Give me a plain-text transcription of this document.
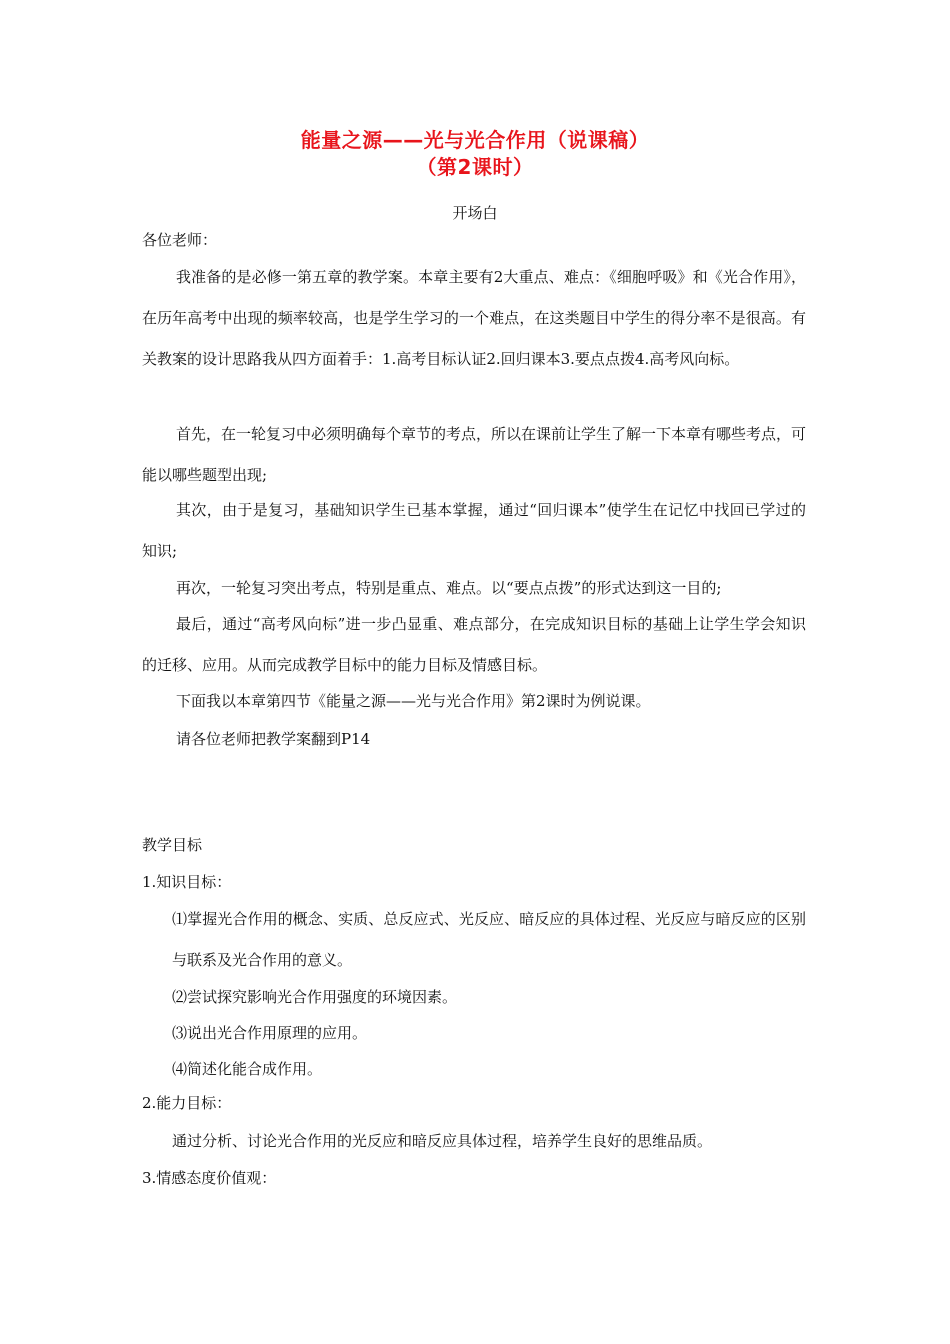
能量之源——光与光合作用（说课稿）
（第2课时）
开场白
各位老师：
我准备的是必修一第五章的教学案。本章主要有2大重点、难点：《细胞呼吸》和《光合作用》，在历年高考中出现的频率较高，也是学生学习的一个难点，在这类题目中学生的得分率不是很高。有关教案的设计思路我从四方面着手：1.高考目标认证2.回归课本3.要点点拨4.高考风向标。
首先，在一轮复习中必须明确每个章节的考点，所以在课前让学生了解一下本章有哪些考点，可能以哪些题型出现;
其次，由于是复习，基础知识学生已基本掌握，通过“回归课本”使学生在记忆中找回已学过的知识;
再次，一轮复习突出考点，特别是重点、难点。以“要点点拨”的形式达到这一目的;
最后，通过“高考风向标”进一步凸显重、难点部分，在完成知识目标的基础上让学生学会知识的迁移、应用。从而完成教学目标中的能力目标及情感目标。
下面我以本章第四节《能量之源——光与光合作用》第2课时为例说课。
请各位老师把教学案翻到P14
教学目标
1.知识目标：
⑴掌握光合作用的概念、实质、总反应式、光反应、暗反应的具体过程、光反应与暗反应的区别与联系及光合作用的意义。
⑵尝试探究影响光合作用强度的环境因素。
⑶说出光合作用原理的应用。
⑷简述化能合成作用。
2.能力目标：
通过分析、讨论光合作用的光反应和暗反应具体过程，培养学生良好的思维品质。
3.情感态度价值观：
